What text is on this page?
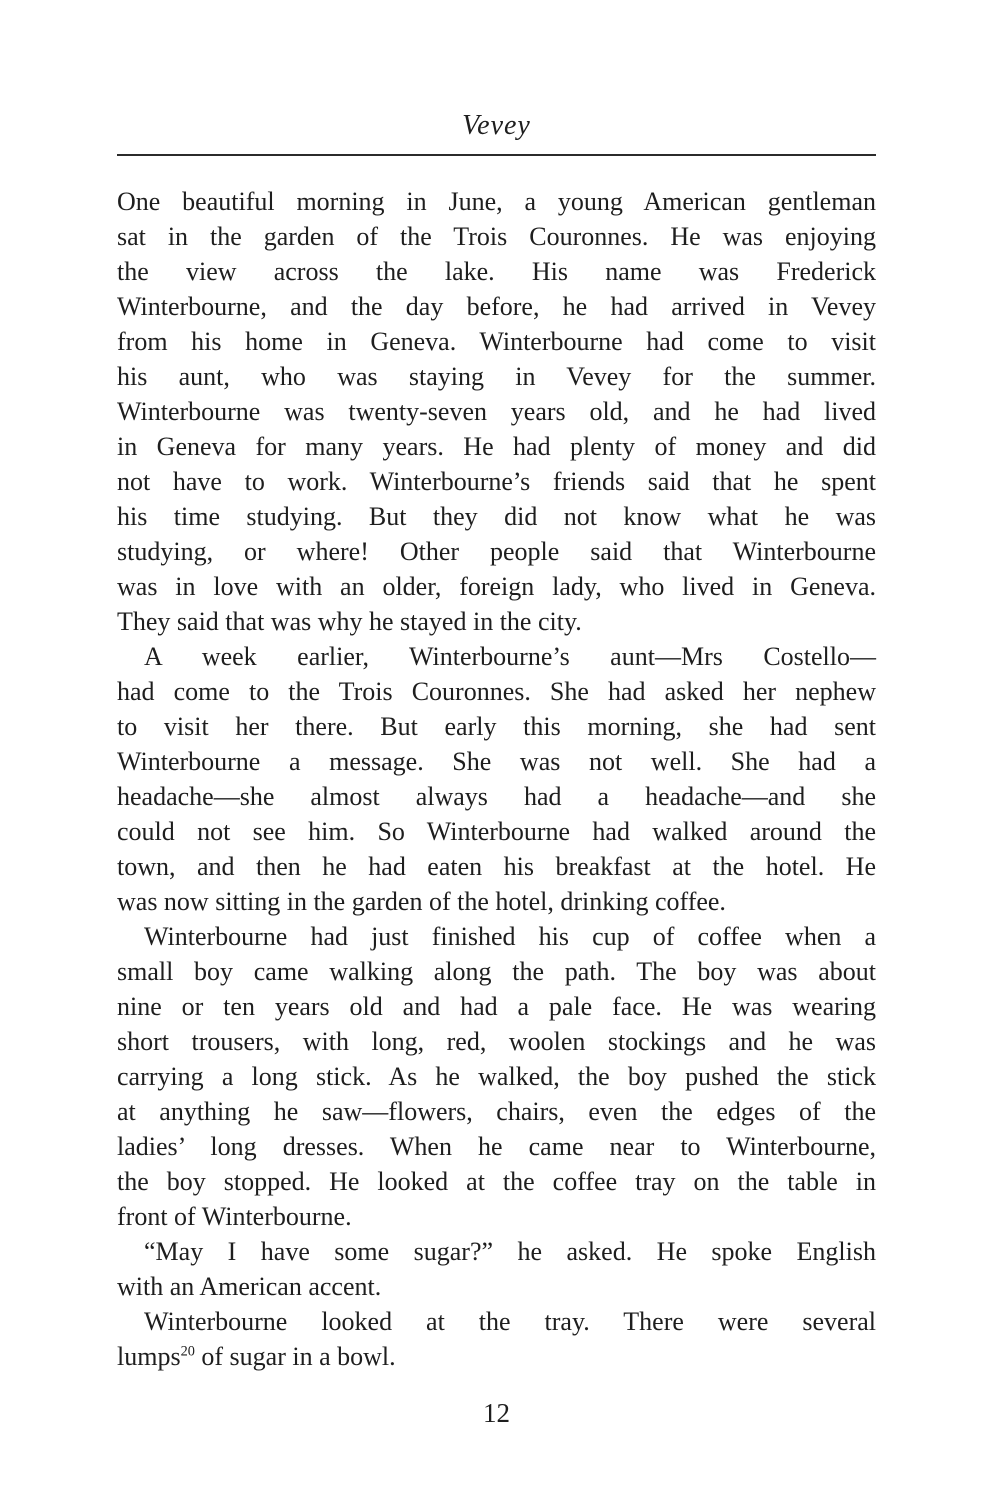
Vevey
One beautiful morning in June, a young American gentleman
sat in the garden of the Trois Couronnes. He was enjoying
the view across the lake. His name was Frederick
Winterbourne, and the day before, he had arrived in Vevey
from his home in Geneva. Winterbourne had come to visit
his aunt, who was staying in Vevey for the summer.
Winterbourne was twenty-seven years old, and he had lived
in Geneva for many years. He had plenty of money and did
not have to work. Winterbourne’s friends said that he spent
his time studying. But they did not know what he was
studying, or where! Other people said that Winterbourne
was in love with an older, foreign lady, who lived in Geneva.
They said that was why he stayed in the city.
A week earlier, Winterbourne’s aunt—Mrs Costello—
had come to the Trois Couronnes. She had asked her nephew
to visit her there. But early this morning, she had sent
Winterbourne a message. She was not well. She had a
headache—she almost always had a headache—and she
could not see him. So Winterbourne had walked around the
town, and then he had eaten his breakfast at the hotel. He
was now sitting in the garden of the hotel, drinking coffee.
Winterbourne had just finished his cup of coffee when a
small boy came walking along the path. The boy was about
nine or ten years old and had a pale face. He was wearing
short trousers, with long, red, woolen stockings and he was
carrying a long stick. As he walked, the boy pushed the stick
at anything he saw—flowers, chairs, even the edges of the
ladies’ long dresses. When he came near to Winterbourne,
the boy stopped. He looked at the coffee tray on the table in
front of Winterbourne.
“May I have some sugar?” he asked. He spoke English
with an American accent.
Winterbourne looked at the tray. There were several
lumps$^{20}$ of sugar in a bowl.
12
